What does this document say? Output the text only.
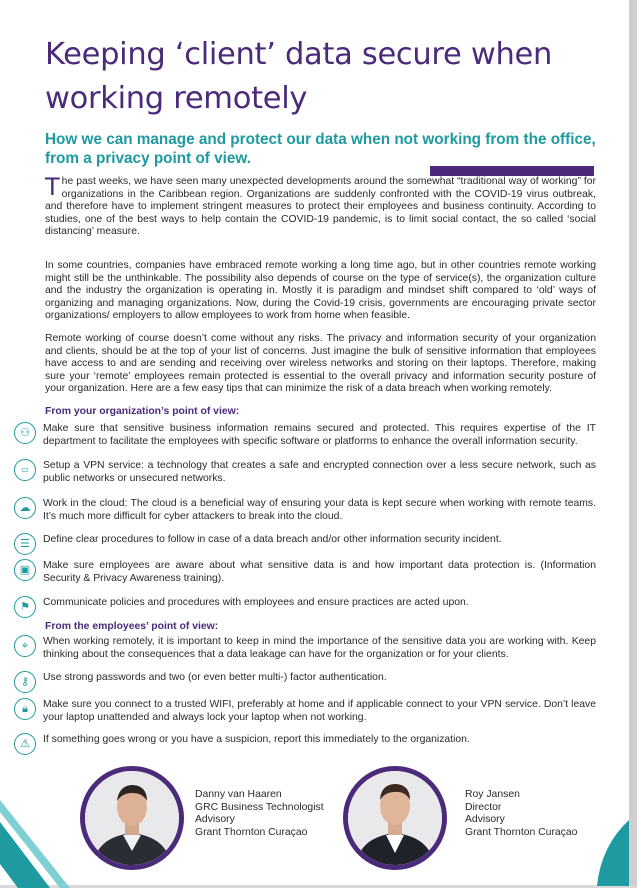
Keeping ‘client’ data secure when working remotely
How we can manage and protect our data when not working from the office, from a privacy point of view.

The past weeks, we have seen many unexpected developments around the somewhat “traditional way of working” for organizations in the Caribbean region. Organizations are suddenly confronted with the COVID-19 virus outbreak, and therefore have to implement stringent measures to protect their employees and business continuity. According to studies, one of the best ways to help contain the COVID-19 pandemic, is to limit social contact, the so called ‘social distancing’ measure.

In some countries, companies have embraced remote working a long time ago, but in other countries remote working might still be the unthinkable. The possibility also depends of course on the type of service(s), the organization culture and the industry the organization is operating in. Mostly it is paradigm and mindset shift compared to ‘old’ ways of organizing and managing organizations. Now, during the Covid-19 crisis, governments are encouraging private sector organizations/ employers to allow employees to work from home when feasible.

Remote working of course doesn’t come without any risks. The privacy and information security of your organization and clients, should be at the top of your list of concerns. Just imagine the bulk of sensitive information that employees have access to and are sending and receiving over wireless networks and storing on their laptops. Therefore, making sure your ‘remote’ employees remain protected is essential to the overall privacy and information security posture of your organization. Here are a few easy tips that can minimize the risk of a data breach when working remotely.

From your organization’s point of view:

⚇	Make sure that sensitive business information remains secured and protected. This requires expertise of the IT department to facilitate the employees with specific software or platforms to enhance the overall information security.

▭	Setup a VPN service: a technology that creates a safe and encrypted connection over a less secure network, such as public networks or unsecured networks.

☁	Work in the cloud: The cloud is a beneficial way of ensuring your data is kept secure when working with remote teams. It’s much more difficult for cyber attackers to break into the cloud.

☰	Define clear procedures to follow in case of a data breach and/or other information security incident.

▣	Make sure employees are aware about what sensitive data is and how important data protection is. (Information Security & Privacy Awareness training).

⚑	Communicate policies and procedures with employees and ensure practices are acted upon.

From the employees’ point of view:

⌖	When working remotely, it is important to keep in mind the importance of the sensitive data you are working with. Keep thinking about the consequences that a data leakage can have for the organization or for your clients.

⚷	Use strong passwords and two (or even better multi-) factor authentication.

🔒︎	Make sure you connect to a trusted WIFI, preferably at home and if applicable connect to your VPN service. Don’t leave your laptop unattended and always lock your laptop when not working.

⚠	If something goes wrong or you have a suspicion, report this immediately to the organization.

Danny van Haaren
GRC Business Technologist
Advisory
Grant Thornton Curaçao
Roy Jansen
Director
Advisory
Grant Thornton Curaçao
